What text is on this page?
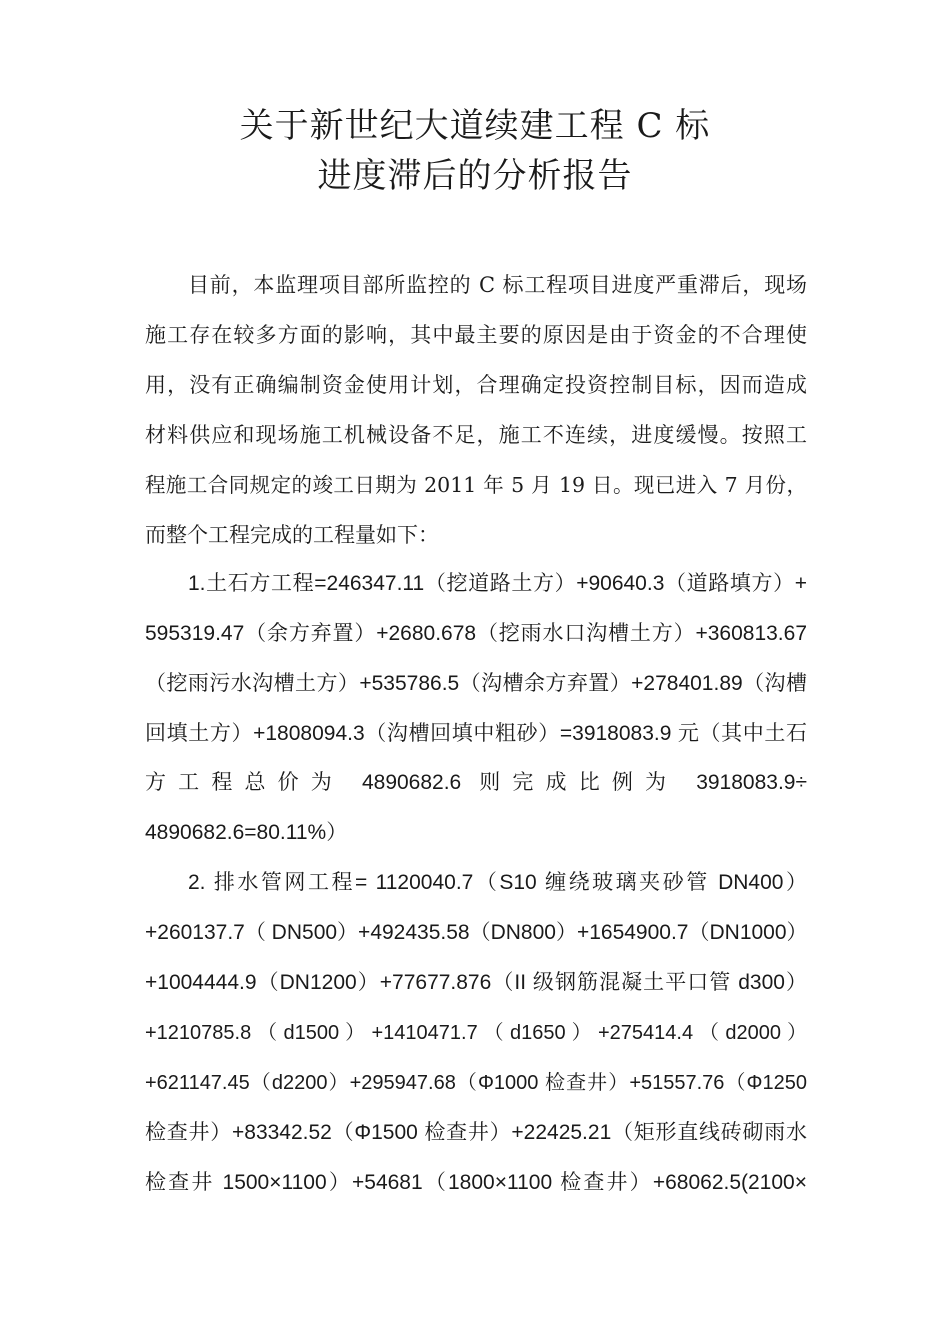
关于新世纪大道续建工程 C 标
进度滞后的分析报告
目前，本监理项目部所监控的 C 标工程项目进度严重滞后，现场
施工存在较多方面的影响，其中最主要的原因是由于资金的不合理使
用，没有正确编制资金使用计划，合理确定投资控制目标，因而造成
材料供应和现场施工机械设备不足，施工不连续，进度缓慢。按照工
程施工合同规定的竣工日期为 2011 年 5 月 19 日。现已进入 7 月份，
而整个工程完成的工程量如下：
1.土石方工程=246347.11（挖道路土方）+90640.3（道路填方）+
595319.47（余方弃置）+2680.678（挖雨水口沟槽土方）+360813.67
（挖雨污水沟槽土方）+535786.5（沟槽余方弃置）+278401.89（沟槽
回填土方）+1808094.3（沟槽回填中粗砂）=3918083.9 元（其中土石
方工程总价为 4890682.6 则完成比例为 3918083.9÷
4890682.6=80.11%）
2. 排水管网工程= 1120040.7（S10 缠绕玻璃夹砂管 DN400）
+260137.7（ DN500）+492435.58（DN800）+1654900.7（DN1000）
+1004444.9（DN1200）+77677.876（II 级钢筋混凝土平口管 d300）
+1210785.8 （ d1500 ） +1410471.7 （ d1650 ） +275414.4 （ d2000 ）
+621147.45（d2200）+295947.68（Φ1000 检查井）+51557.76（Φ1250
检查井）+83342.52（Φ1500 检查井）+22425.21（矩形直线砖砌雨水
检查井 1500×1100）+54681（1800×1100 检查井）+68062.5(2100×
